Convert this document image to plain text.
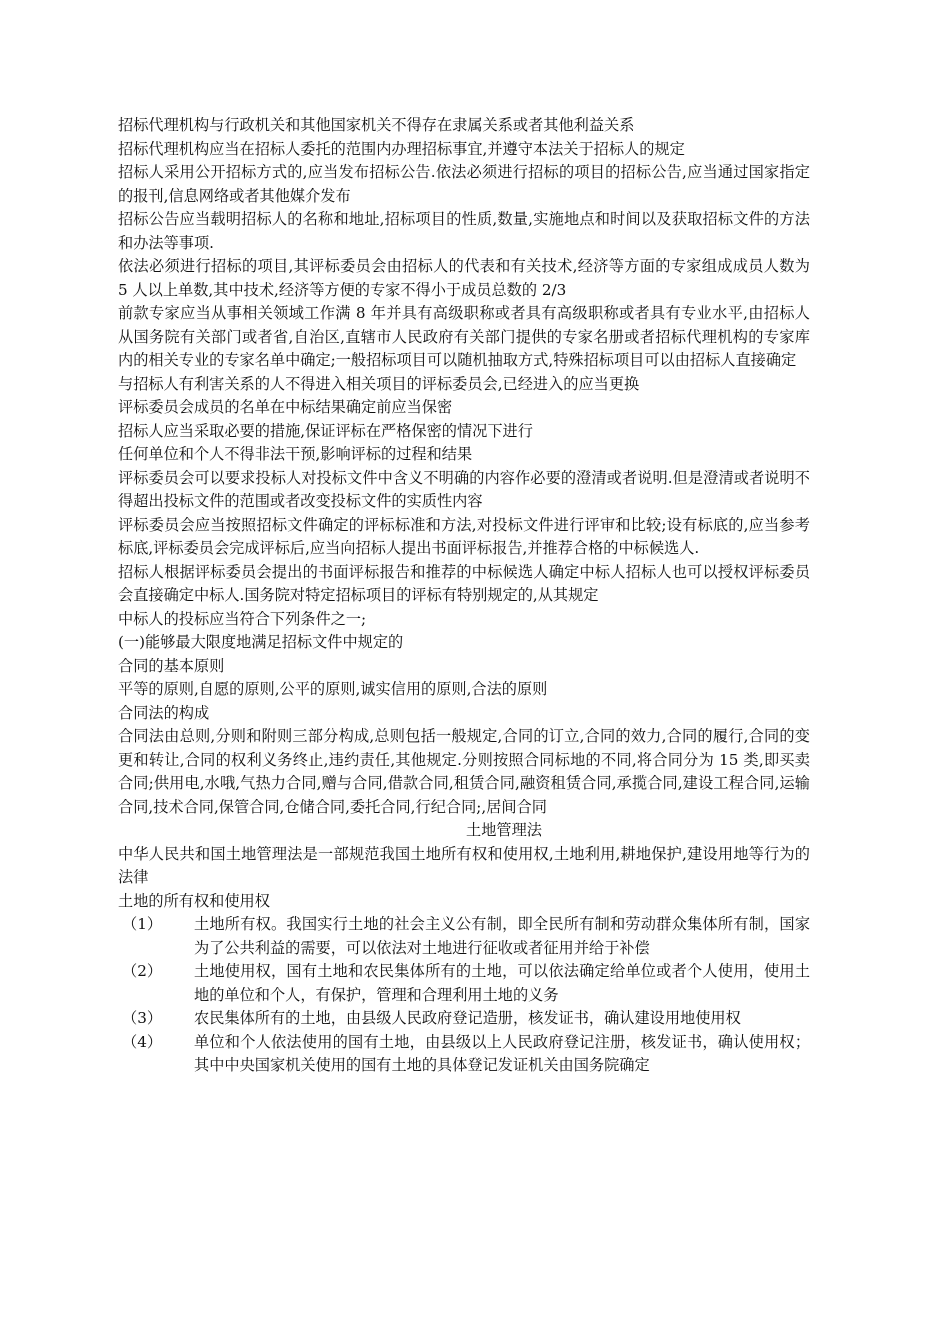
招标代理机构与行政机关和其他国家机关不得存在隶属关系或者其他利益关系

招标代理机构应当在招标人委托的范围内办理招标事宜,并遵守本法关于招标人的规定

招标人采用公开招标方式的,应当发布招标公告.依法必须进行招标的项目的招标公告,应当通过国家指定的报刊,信息网络或者其他媒介发布

招标公告应当载明招标人的名称和地址,招标项目的性质,数量,实施地点和时间以及获取招标文件的方法和办法等事项.

依法必须进行招标的项目,其评标委员会由招标人的代表和有关技术,经济等方面的专家组成成员人数为 5 人以上单数,其中技术,经济等方便的专家不得小于成员总数的 2/3

前款专家应当从事相关领域工作满 8 年并具有高级职称或者具有高级职称或者具有专业水平,由招标人从国务院有关部门或者省,自治区,直辖市人民政府有关部门提供的专家名册或者招标代理机构的专家库内的相关专业的专家名单中确定;一般招标项目可以随机抽取方式,特殊招标项目可以由招标人直接确定

与招标人有利害关系的人不得进入相关项目的评标委员会,已经进入的应当更换

评标委员会成员的名单在中标结果确定前应当保密

招标人应当采取必要的措施,保证评标在严格保密的情况下进行

任何单位和个人不得非法干预,影响评标的过程和结果

评标委员会可以要求投标人对投标文件中含义不明确的内容作必要的澄清或者说明.但是澄清或者说明不得超出投标文件的范围或者改变投标文件的实质性内容

评标委员会应当按照招标文件确定的评标标准和方法,对投标文件进行评审和比较;设有标底的,应当参考标底,评标委员会完成评标后,应当向招标人提出书面评标报告,并推荐合格的中标候选人.

招标人根据评标委员会提出的书面评标报告和推荐的中标候选人确定中标人招标人也可以授权评标委员会直接确定中标人.国务院对特定招标项目的评标有特别规定的,从其规定

中标人的投标应当符合下列条件之一;

(一)能够最大限度地满足招标文件中规定的

合同的基本原则

平等的原则,自愿的原则,公平的原则,诚实信用的原则,合法的原则

合同法的构成

合同法由总则,分则和附则三部分构成,总则包括一般规定,合同的订立,合同的效力,合同的履行,合同的变更和转让,合同的权利义务终止,违约责任,其他规定.分则按照合同标地的不同,将合同分为 15 类,即买卖合同;供用电,水哦,气热力合同,赠与合同,借款合同,租赁合同,融资租赁合同,承揽合同,建设工程合同,运输合同,技术合同,保管合同,仓储合同,委托合同,行纪合同;,居间合同

土地管理法

中华人民共和国土地管理法是一部规范我国土地所有权和使用权,土地利用,耕地保护,建设用地等行为的法律

土地的所有权和使用权

（1）	土地所有权。我国实行土地的社会主义公有制，即全民所有制和劳动群众集体所有制，国家为了公共利益的需要，可以依法对土地进行征收或者征用并给于补偿
（2）	土地使用权，国有土地和农民集体所有的土地，可以依法确定给单位或者个人使用，使用土地的单位和个人，有保护，管理和合理利用土地的义务
（3）	农民集体所有的土地，由县级人民政府登记造册，核发证书，确认建设用地使用权
（4）	单位和个人依法使用的国有土地，由县级以上人民政府登记注册，核发证书，确认使用权；其中中央国家机关使用的国有土地的具体登记发证机关由国务院确定
